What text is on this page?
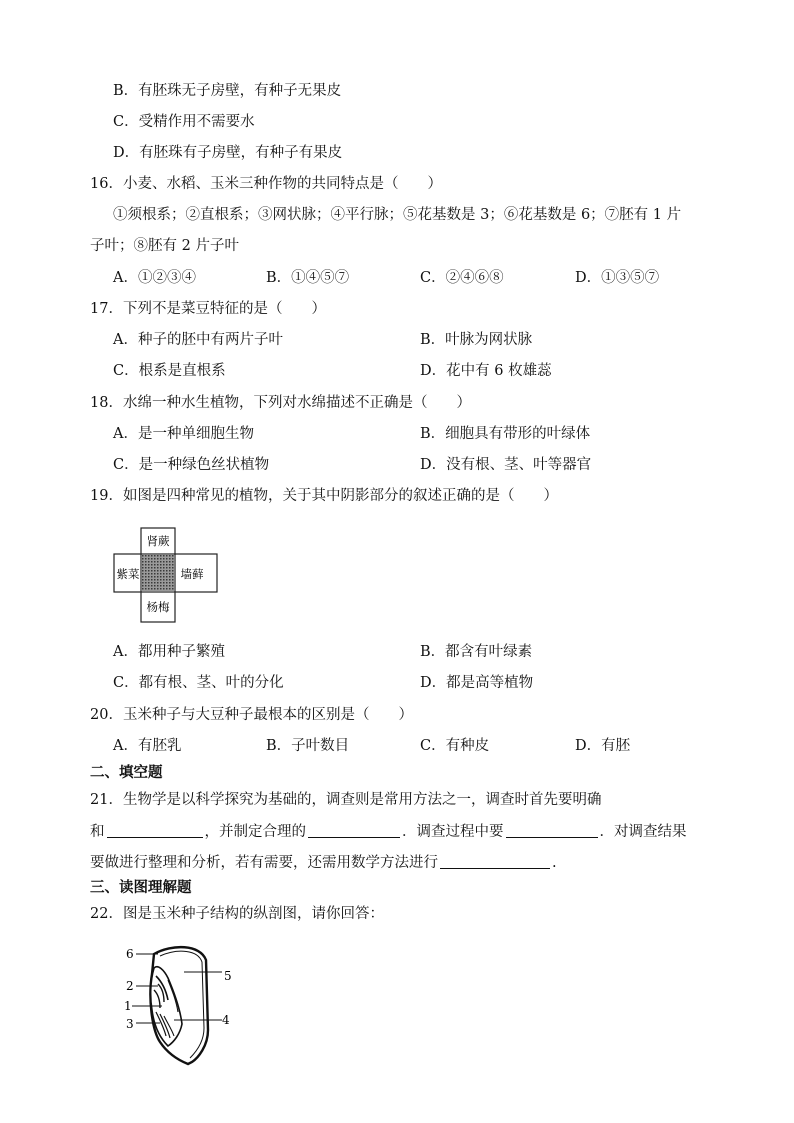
B．有胚珠无子房壁，有种子无果皮
C．受精作用不需要水
D．有胚珠有子房壁，有种子有果皮
16．小麦、水稻、玉米三种作物的共同特点是（　　）
①须根系；②直根系；③网状脉；④平行脉；⑤花基数是 3；⑥花基数是 6；⑦胚有 1 片
子叶；⑧胚有 2 片子叶
A．①②③④	B．①④⑤⑦	C．②④⑥⑧	D．①③⑤⑦
17．下列不是菜豆特征的是（　　）
A．种子的胚中有两片子叶	B．叶脉为网状脉
C．根系是直根系	D．花中有 6 枚雄蕊
18．水绵一种水生植物，下列对水绵描述不正确是（　　）
A．是一种单细胞生物	B．细胞具有带形的叶绿体
C．是一种绿色丝状植物	D．没有根、茎、叶等器官
19．如图是四种常见的植物，关于其中阴影部分的叙述正确的是（　　）
肾蕨
紫菜	墙藓
杨梅
A．都用种子繁殖	B．都含有叶绿素
C．都有根、茎、叶的分化	D．都是高等植物
20．玉米种子与大豆种子最根本的区别是（　　）
A．有胚乳	B．子叶数目	C．有种皮	D．有胚
二、填空题
21．生物学是以科学探究为基础的，调查则是常用方法之一，调查时首先要明确
和	，并制定合理的	．调查过程中要	．对调查结果
要做进行整理和分析，若有需要，还需用数学方法进行	.
三、读图理解题
22．图是玉米种子结构的纵剖图，请你回答：
6
2
1
3
5
4
